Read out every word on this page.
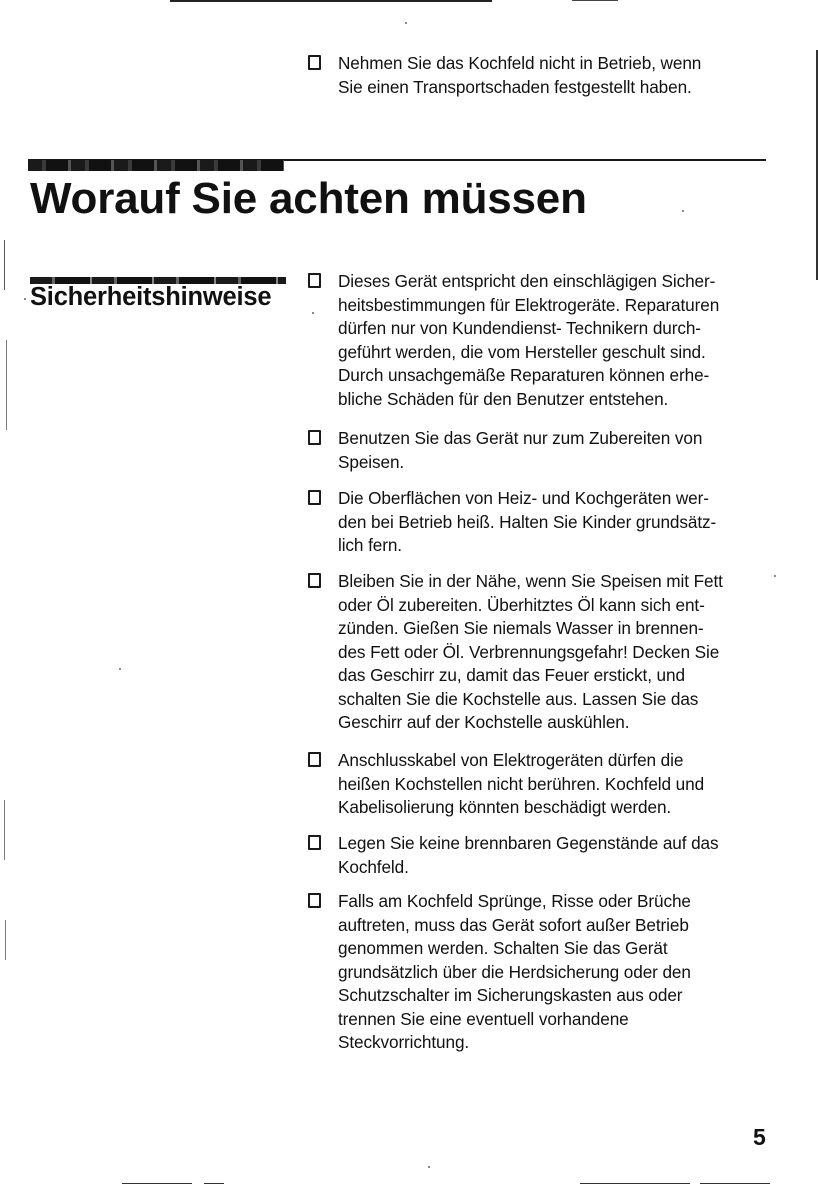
Nehmen Sie das Kochfeld nicht in Betrieb, wenn
Sie einen Transportschaden festgestellt haben.
Worauf Sie achten müssen
Sicherheitshinweise
Dieses Gerät entspricht den einschlägigen Sicher-
heitsbestimmungen für Elektrogeräte. Reparaturen
dürfen nur von Kundendienst- Technikern durch-
geführt werden, die vom Hersteller geschult sind.
Durch unsachgemäße Reparaturen können erhe-
bliche Schäden für den Benutzer entstehen.
Benutzen Sie das Gerät nur zum Zubereiten von
Speisen.
Die Oberflächen von Heiz- und Kochgeräten wer-
den bei Betrieb heiß. Halten Sie Kinder grundsätz-
lich fern.
Bleiben Sie in der Nähe, wenn Sie Speisen mit Fett
oder Öl zubereiten. Überhitztes Öl kann sich ent-
zünden. Gießen Sie niemals Wasser in brennen-
des Fett oder Öl. Verbrennungsgefahr! Decken Sie
das Geschirr zu, damit das Feuer erstickt, und
schalten Sie die Kochstelle aus. Lassen Sie das
Geschirr auf der Kochstelle auskühlen.
Anschlusskabel von Elektrogeräten dürfen die
heißen Kochstellen nicht berühren. Kochfeld und
Kabelisolierung könnten beschädigt werden.
Legen Sie keine brennbaren Gegenstände auf das
Kochfeld.
Falls am Kochfeld Sprünge, Risse oder Brüche
auftreten, muss das Gerät sofort außer Betrieb
genommen werden. Schalten Sie das Gerät
grundsätzlich über die Herdsicherung oder den
Schutzschalter im Sicherungskasten aus oder
trennen Sie eine eventuell vorhandene
Steckvorrichtung.
5
